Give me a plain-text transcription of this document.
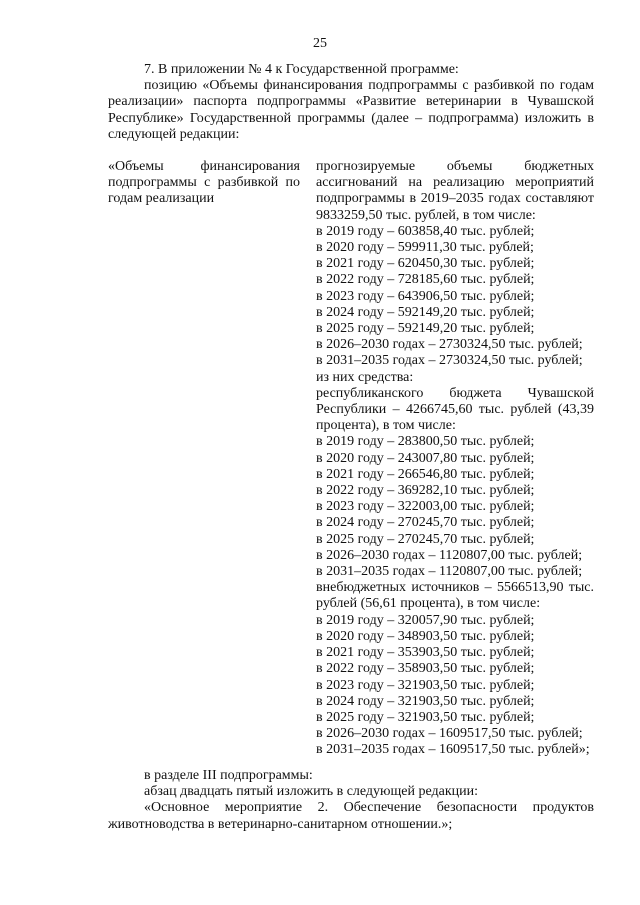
25

7. В приложении № 4 к Государственной программе:

позицию «Объемы финансирования подпрограммы с разбивкой по годам реализации» паспорта подпрограммы «Развитие ветеринарии в Чувашской Республике» Государственной программы (далее – подпрограмма) изложить в следующей редакции:

«Объемы финансирования подпрограммы с разбивкой по годам реализации
прогнозируемые объемы бюджетных ассигнований на реализацию мероприятий подпрограммы в 2019–2035 годах составляют 9833259,50 тыс. рублей, в том числе:
в 2019 году – 603858,40 тыс. рублей;
в 2020 году – 599911,30 тыс. рублей;
в 2021 году – 620450,30 тыс. рублей;
в 2022 году – 728185,60 тыс. рублей;
в 2023 году – 643906,50 тыс. рублей;
в 2024 году – 592149,20 тыс. рублей;
в 2025 году – 592149,20 тыс. рублей;
в 2026–2030 годах – 2730324,50 тыс. рублей;
в 2031–2035 годах – 2730324,50 тыс. рублей;
из них средства:
республиканского бюджета Чувашской Республики – 4266745,60 тыс. рублей (43,39 процента), в том числе:
в 2019 году – 283800,50 тыс. рублей;
в 2020 году – 243007,80 тыс. рублей;
в 2021 году – 266546,80 тыс. рублей;
в 2022 году – 369282,10 тыс. рублей;
в 2023 году – 322003,00 тыс. рублей;
в 2024 году – 270245,70 тыс. рублей;
в 2025 году – 270245,70 тыс. рублей;
в 2026–2030 годах – 1120807,00 тыс. рублей;
в 2031–2035 годах – 1120807,00 тыс. рублей;
внебюджетных источников – 5566513,90 тыс. рублей (56,61 процента), в том числе:
в 2019 году – 320057,90 тыс. рублей;
в 2020 году – 348903,50 тыс. рублей;
в 2021 году – 353903,50 тыс. рублей;
в 2022 году – 358903,50 тыс. рублей;
в 2023 году – 321903,50 тыс. рублей;
в 2024 году – 321903,50 тыс. рублей;
в 2025 году – 321903,50 тыс. рублей;
в 2026–2030 годах – 1609517,50 тыс. рублей;
в 2031–2035 годах – 1609517,50 тыс. рублей»;

в разделе III подпрограммы:

абзац двадцать пятый изложить в следующей редакции:

«Основное мероприятие 2. Обеспечение безопасности продуктов животноводства в ветеринарно-санитарном отношении.»;
